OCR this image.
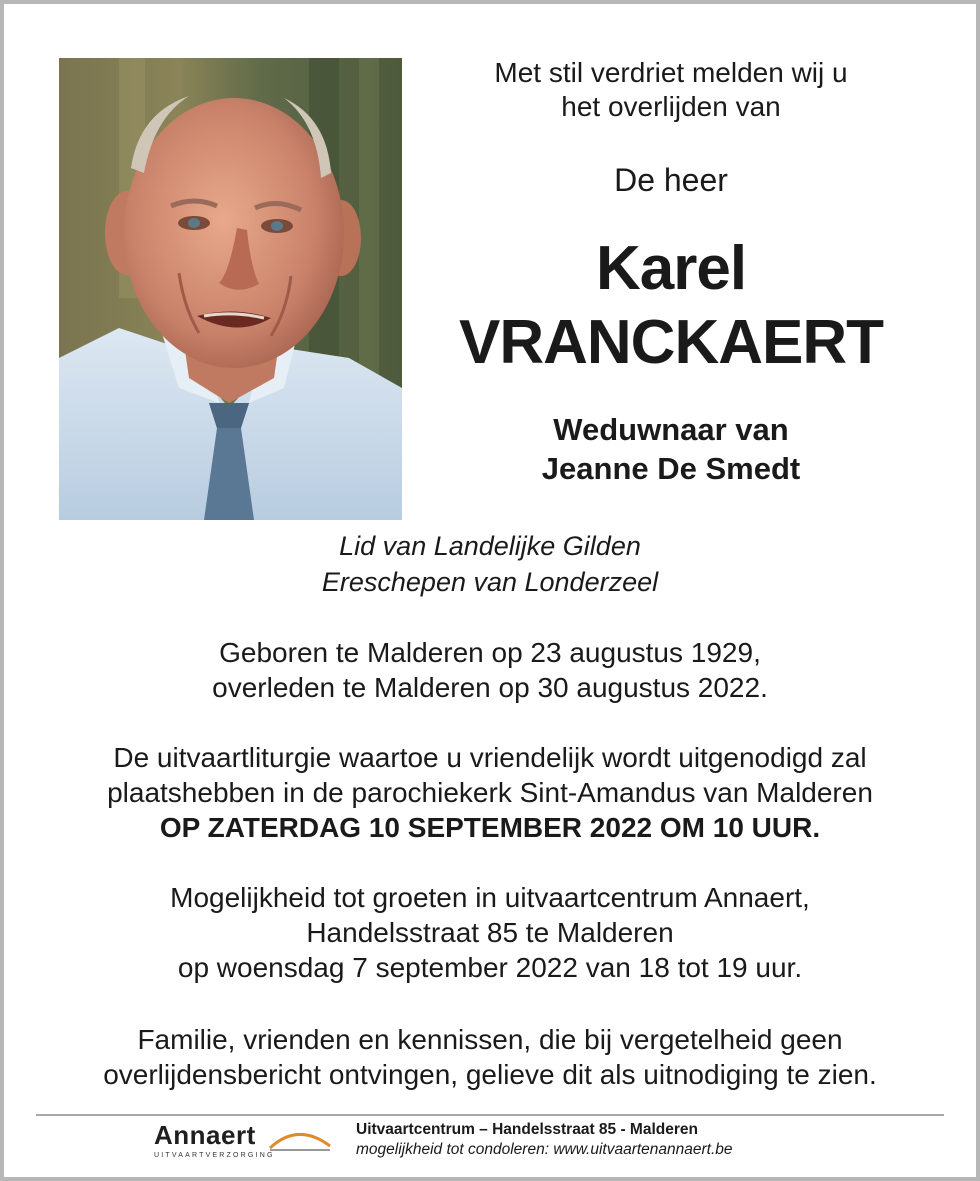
Met stil verdriet melden wij u
het overlijden van
De heer
Karel
VRANCKAERT
Weduwnaar van
Jeanne De Smedt
Lid van Landelijke Gilden
Ereschepen van Londerzeel
Geboren te Malderen op 23 augustus 1929,
overleden te Malderen op 30 augustus 2022.
De uitvaartliturgie waartoe u vriendelijk wordt uitgenodigd zal
plaatshebben in de parochiekerk Sint-Amandus van Malderen
OP ZATERDAG 10 SEPTEMBER 2022 OM 10 UUR.
Mogelijkheid tot groeten in uitvaartcentrum Annaert,
Handelsstraat 85 te Malderen
op woensdag 7 september 2022 van 18 tot 19 uur.
Familie, vrienden en kennissen, die bij vergetelheid geen
overlijdensbericht ontvingen, gelieve dit als uitnodiging te zien.
Annaert
UITVAARTVERZORGING
Uitvaartcentrum – Handelsstraat 85 - Malderen
mogelijkheid tot condoleren: www.uitvaartenannaert.be
